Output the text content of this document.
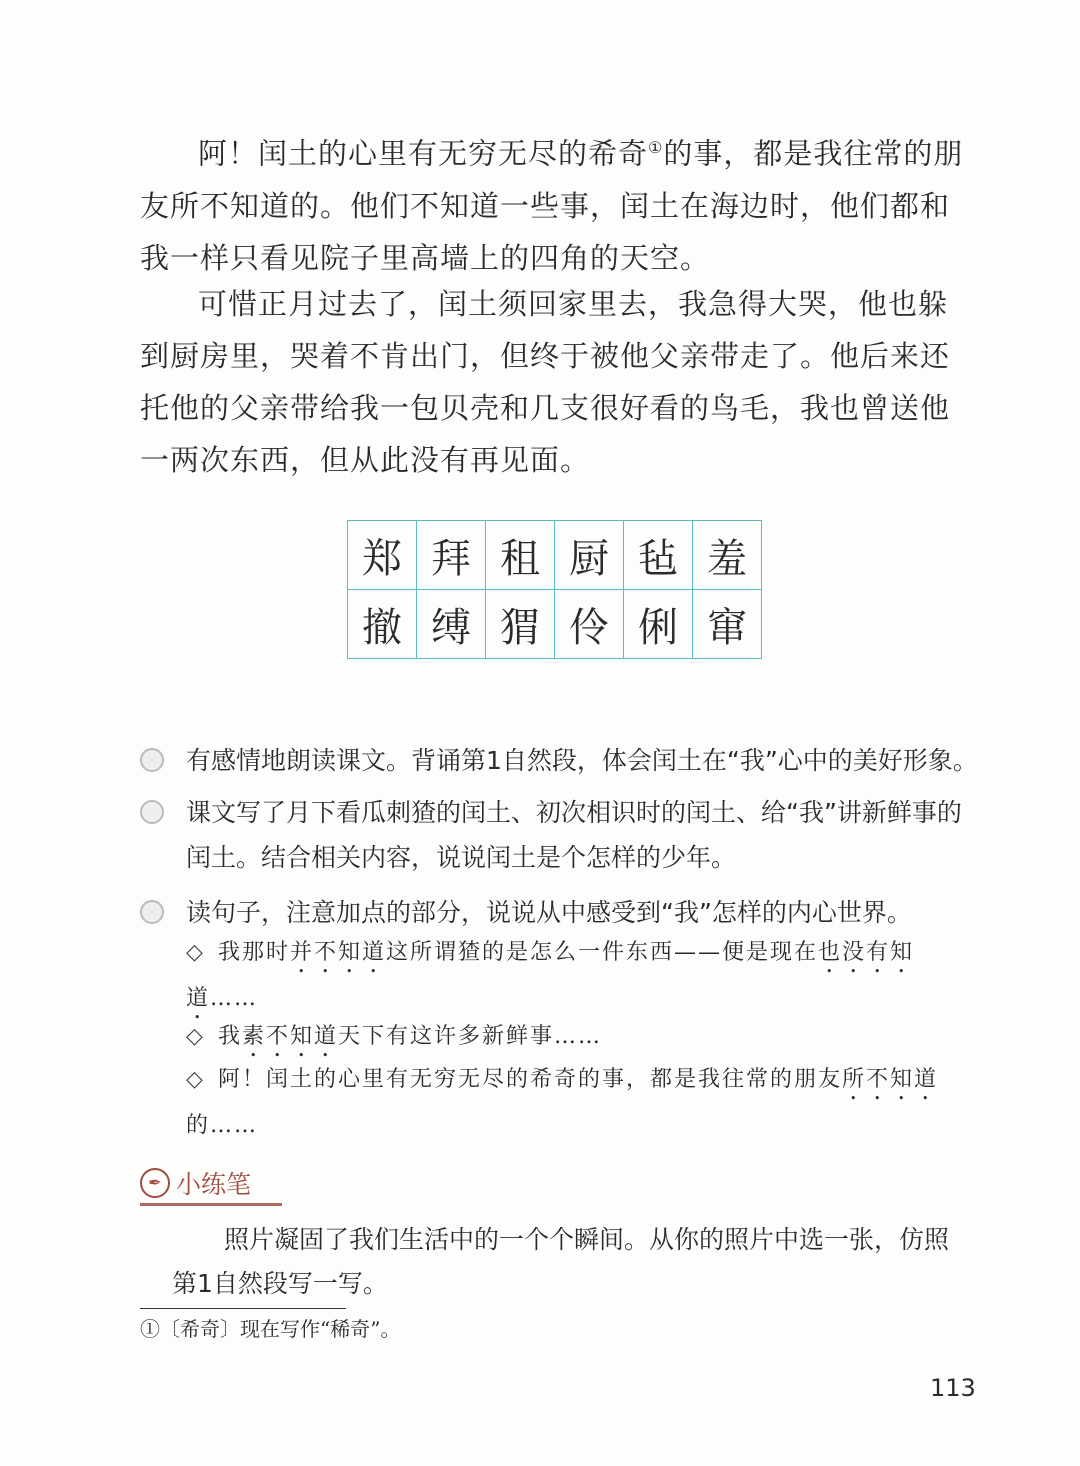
阿！闰土的心里有无穷无尽的希奇①的事，都是我往常的朋友所不知道的。他们不知道一些事，闰土在海边时，他们都和我一样只看见院子里高墙上的四角的天空。

可惜正月过去了，闰土须回家里去，我急得大哭，他也躲到厨房里，哭着不肯出门，但终于被他父亲带走了。他后来还托他的父亲带给我一包贝壳和几支很好看的鸟毛，我也曾送他一两次东西，但从此没有再见面。

郑	拜	租	厨	毡	羞
撤	缚	猬	伶	俐	窜
有感情地朗读课文。背诵第1自然段，体会闰土在“我”心中的美好形象。
课文写了月下看瓜刺猹的闰土、初次相识时的闰土、给“我”讲新鲜事的闰土。结合相关内容，说说闰土是个怎样的少年。
读句子，注意加点的部分，说说从中感受到“我”怎样的内心世界。
◇ 我那时并不知道这所谓猹的是怎么一件东西——便是现在也没有知道……
◇ 我素不知道天下有这许多新鲜事……
◇ 阿！闰土的心里有无穷无尽的希奇的事，都是我往常的朋友所不知道的……
✒ 小练笔

照片凝固了我们生活中的一个个瞬间。从你的照片中选一张，仿照第1自然段写一写。

①〔希奇〕现在写作“稀奇”。
113
